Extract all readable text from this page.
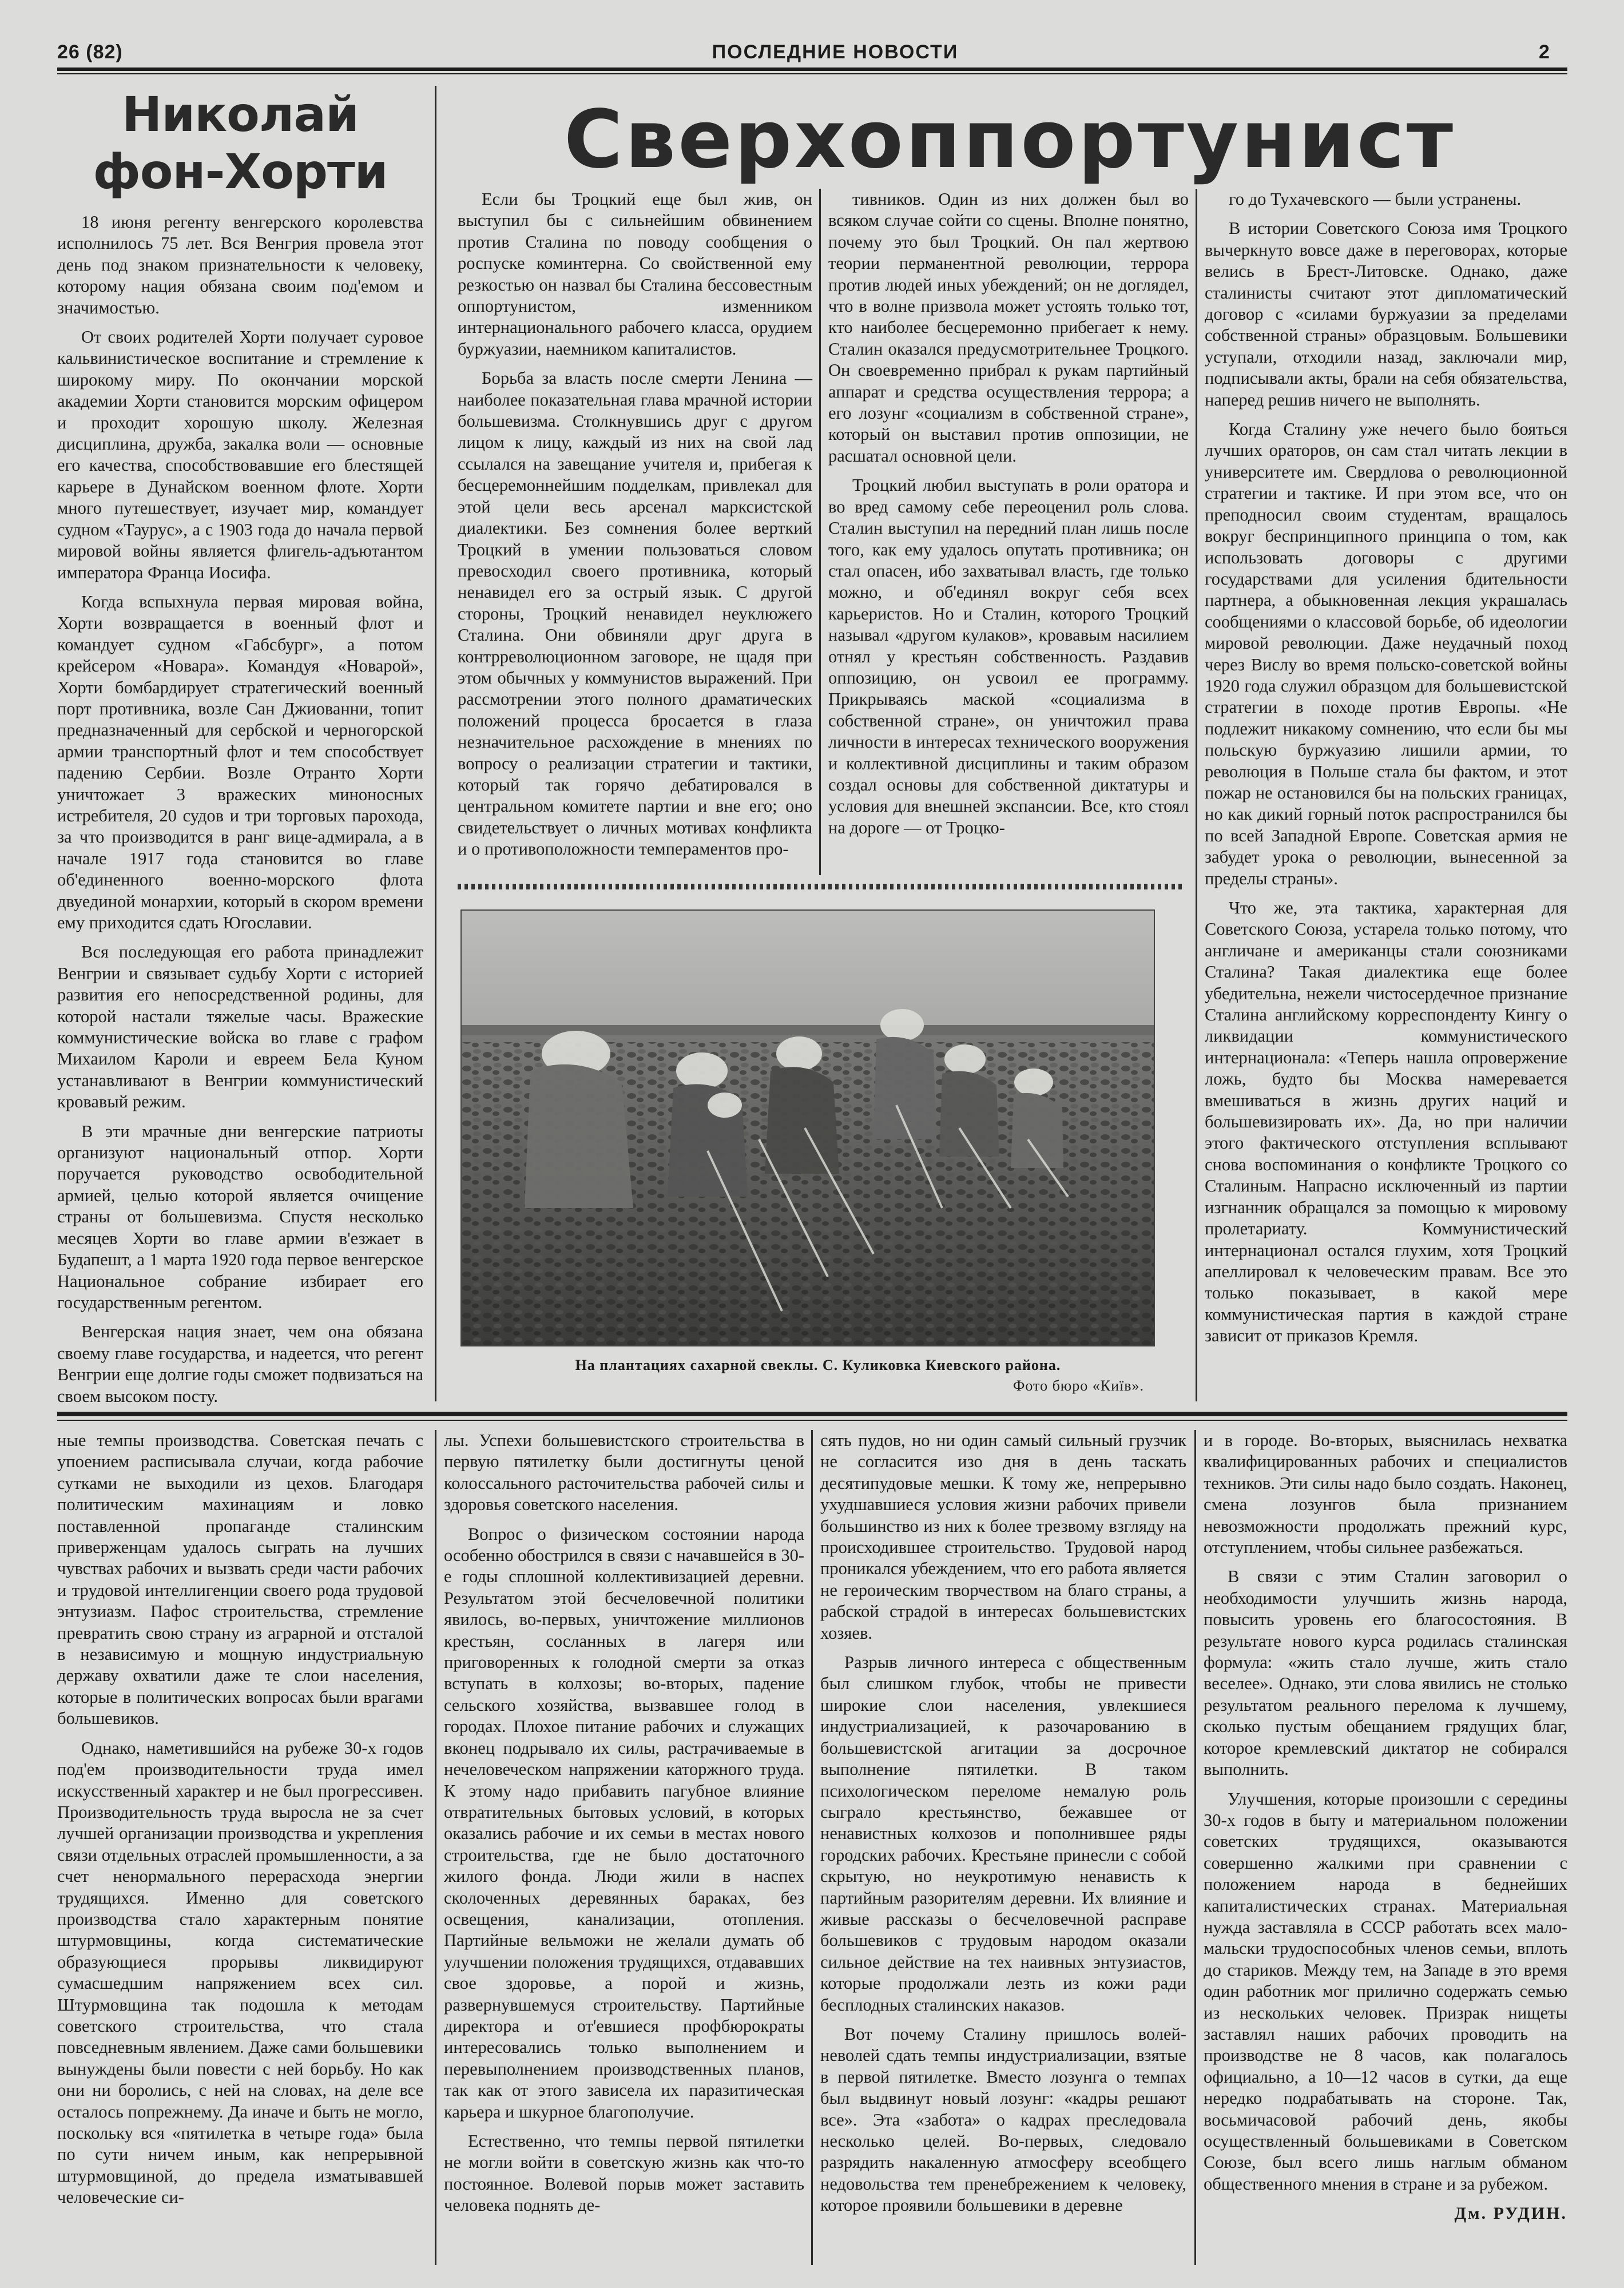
26 (82)	ПОСЛЕДНИЕ НОВОСТИ	2
Николай фон-Хорти

18 июня регенту венгерского королевства исполнилось 75 лет. Вся Венгрия провела этот день под знаком признательности к человеку, которому нация обязана своим под'емом и значимостью.

От своих родителей Хорти получает суровое кальвинистическое воспитание и стремление к широкому миру. По окончании морской академии Хорти становится морским офицером и проходит хорошую школу. Железная дисциплина, дружба, закалка воли — основные его качества, способствовавшие его блестящей карьере в Дунайском военном флоте. Хорти много путешествует, изучает мир, командует судном «Таурус», а с 1903 года до начала первой мировой войны является флигель-адъютантом императора Франца Иосифа.

Когда вспыхнула первая мировая война, Хорти возвращается в военный флот и командует судном «Габсбург», а потом крейсером «Новара». Командуя «Новарой», Хорти бомбардирует стратегический военный порт противника, возле Сан Джиованни, топит предназначенный для сербской и черногорской армии транспортный флот и тем способствует падению Сербии. Возле Отранто Хорти уничтожает 3 вражеских миноносных истребителя, 20 судов и три торговых парохода, за что производится в ранг вице-адмирала, а в начале 1917 года становится во главе об'единенного военно-морского флота двуединой монархии, который в скором времени ему приходится сдать Югославии.

Вся последующая его работа принадлежит Венгрии и связывает судьбу Хорти с историей развития его непосредственной родины, для которой настали тяжелые часы. Вражеские коммунистические войска во главе с графом Михаилом Кароли и евреем Бела Куном устанавливают в Венгрии коммунистический кровавый режим.

В эти мрачные дни венгерские патриоты организуют национальный отпор. Хорти поручается руководство освободительной армией, целью которой является очищение страны от большевизма. Спустя несколько месяцев Хорти во главе армии в'езжает в Будапешт, а 1 марта 1920 года первое венгерское Национальное собрание избирает его государственным регентом.

Венгерская нация знает, чем она обязана своему главе государства, и надеется, что регент Венгрии еще долгие годы сможет подвизаться на своем высоком посту.

Сверхоппортунист

Если бы Троцкий еще был жив, он выступил бы с сильнейшим обвинением против Сталина по поводу сообщения о роспуске коминтерна. Со свойственной ему резкостью он назвал бы Сталина бессовестным оппортунистом, изменником интернационального рабочего класса, орудием буржуазии, наемником капиталистов.

Борьба за власть после смерти Ленина — наиболее показательная глава мрачной истории большевизма. Столкнувшись друг с другом лицом к лицу, каждый из них на свой лад ссылался на завещание учителя и, прибегая к бесцеремоннейшим подделкам, привлекал для этой цели весь арсенал марксистской диалектики. Без сомнения более верткий Троцкий в умении пользоваться словом превосходил своего противника, который ненавидел его за острый язык. С другой стороны, Троцкий ненавидел неуклюжего Сталина. Они обвиняли друг друга в контрреволюционном заговоре, не щадя при этом обычных у коммунистов выражений. При рассмотрении этого полного драматических положений процесса бросается в глаза незначительное расхождение в мнениях по вопросу о реализации стратегии и тактики, который так горячо дебатировался в центральном комитете партии и вне его; оно свидетельствует о личных мотивах конфликта и о противоположности темпераментов про-

тивников. Один из них должен был во всяком случае сойти со сцены. Вполне понятно, почему это был Троцкий. Он пал жертвою теории перманентной революции, террора против людей иных убеждений; он не доглядел, что в волне призвола может устоять только тот, кто наиболее бесцеремонно прибегает к нему. Сталин оказался предусмотрительнее Троцкого. Он своевременно прибрал к рукам партийный аппарат и средства осуществления террора; а его лозунг «социализм в собственной стране», который он выставил против оппозиции, не расшатал основной цели.

Троцкий любил выступать в роли оратора и во вред самому себе переоценил роль слова. Сталин выступил на передний план лишь после того, как ему удалось опутать противника; он стал опасен, ибо захватывал власть, где только можно, и об'единял вокруг себя всех карьеристов. Но и Сталин, которого Троцкий называл «другом кулаков», кровавым насилием отнял у крестьян собственность. Раздавив оппозицию, он усвоил ее программу. Прикрываясь маской «социализма в собственной стране», он уничтожил права личности в интересах технического вооружения и коллективной дисциплины и таким образом создал основы для собственной диктатуры и условия для внешней экспансии. Все, кто стоял на дороге — от Троцко-

го до Тухачевского — были устранены.

В истории Советского Союза имя Троцкого вычеркнуто вовсе даже в переговорах, которые велись в Брест-Литовске. Однако, даже сталинисты считают этот дипломатический договор с «силами буржуазии за пределами собственной страны» образцовым. Большевики уступали, отходили назад, заключали мир, подписывали акты, брали на себя обязательства, наперед решив ничего не выполнять.

Когда Сталину уже нечего было бояться лучших ораторов, он сам стал читать лекции в университете им. Свердлова о революционной стратегии и тактике. И при этом все, что он преподносил своим студентам, вращалось вокруг беспринципного принципа о том, как использовать договоры с другими государствами для усиления бдительности партнера, а обыкновенная лекция украшалась сообщениями о классовой борьбе, об идеологии мировой революции. Даже неудачный поход через Вислу во время польско-советской войны 1920 года служил образцом для большевистской стратегии в походе против Европы. «Не подлежит никакому сомнению, что если бы мы польскую буржуазию лишили армии, то революция в Польше стала бы фактом, и этот пожар не остановился бы на польских границах, но как дикий горный поток распространился бы по всей Западной Европе. Советская армия не забудет урока о революции, вынесенной за пределы страны».

Что же, эта тактика, характерная для Советского Союза, устарела только потому, что англичане и американцы стали союзниками Сталина? Такая диалектика еще более убедительна, нежели чистосердечное признание Сталина английскому корреспонденту Кингу о ликвидации коммунистического интернационала: «Теперь нашла опровержение ложь, будто бы Москва намеревается вмешиваться в жизнь других наций и большевизировать их». Да, но при наличии этого фактического отступления всплывают снова воспоминания о конфликте Троцкого со Сталиным. Напрасно исключенный из партии изгнанник обращался за помощью к мировому пролетариату. Коммунистический интернационал остался глухим, хотя Троцкий апеллировал к человеческим правам. Все это только показывает, в какой мере коммунистическая партия в каждой стране зависит от приказов Кремля.

На плантациях сахарной свеклы. С. Куликовка Киевского района.
Фото бюро «Київ».

ные темпы производства. Советская печать с упоением расписывала случаи, когда рабочие сутками не выходили из цехов. Благодаря политическим махинациям и ловко поставленной пропаганде сталинским приверженцам удалось сыграть на лучших чувствах рабочих и вызвать среди части рабочих и трудовой интеллигенции своего рода трудовой энтузиазм. Пафос строительства, стремление превратить свою страну из аграрной и отсталой в независимую и мощную индустриальную державу охватили даже те слои населения, которые в политических вопросах были врагами большевиков.

Однако, наметившийся на рубеже 30-х годов под'ем производительности труда имел искусственный характер и не был прогрессивен. Производительность труда выросла не за счет лучшей организации производства и укрепления связи отдельных отраслей промышленности, а за счет ненормального перерасхода энергии трудящихся. Именно для советского производства стало характерным понятие штурмовщины, когда систематические образующиеся прорывы ликвидируют сумасшедшим напряжением всех сил. Штурмовщина так подошла к методам советского строительства, что стала повседневным явлением. Даже сами большевики вынуждены были повести с ней борьбу. Но как они ни боролись, с ней на словах, на деле все осталось попрежнему. Да иначе и быть не могло, поскольку вся «пятилетка в четыре года» была по сути ничем иным, как непрерывной штурмовщиной, до предела изматывавшей человеческие си-

лы. Успехи большевистского строительства в первую пятилетку были достигнуты ценой колоссального расточительства рабочей силы и здоровья советского населения.

Вопрос о физическом состоянии народа особенно обострился в связи с начавшейся в 30-е годы сплошной коллективизацией деревни. Результатом этой бесчеловечной политики явилось, во-первых, уничтожение миллионов крестьян, сосланных в лагеря или приговоренных к голодной смерти за отказ вступать в колхозы; во-вторых, падение сельского хозяйства, вызвавшее голод в городах. Плохое питание рабочих и служащих вконец подрывало их силы, растрачиваемые в нечеловеческом напряжении каторжного труда. К этому надо прибавить пагубное влияние отвратительных бытовых условий, в которых оказались рабочие и их семьи в местах нового строительства, где не было достаточного жилого фонда. Люди жили в наспех сколоченных деревянных бараках, без освещения, канализации, отопления. Партийные вельможи не желали думать об улучшении положения трудящихся, отдававших свое здоровье, а порой и жизнь, развернувшемуся строительству. Партийные директора и от'евшиеся профбюрократы интересовались только выполнением и перевыполнением производственных планов, так как от этого зависела их паразитическая карьера и шкурное благополучие.

Естественно, что темпы первой пятилетки не могли войти в советскую жизнь как что-то постоянное. Волевой порыв может заставить человека поднять де-

сять пудов, но ни один самый сильный грузчик не согласится изо дня в день таскать десятипудовые мешки. К тому же, непрерывно ухудшавшиеся условия жизни рабочих привели большинство из них к более трезвому взгляду на происходившее строительство. Трудовой народ проникался убеждением, что его работа является не героическим творчеством на благо страны, а рабской страдой в интересах большевистских хозяев.

Разрыв личного интереса с общественным был слишком глубок, чтобы не привести широкие слои населения, увлекшиеся индустриализацией, к разочарованию в большевистской агитации за досрочное выполнение пятилетки. В таком психологическом переломе немалую роль сыграло крестьянство, бежавшее от ненавистных колхозов и пополнившее ряды городских рабочих. Крестьяне принесли с собой скрытую, но неукротимую ненависть к партийным разорителям деревни. Их влияние и живые рассказы о бесчеловечной расправе большевиков с трудовым народом оказали сильное действие на тех наивных энтузиастов, которые продолжали лезть из кожи ради бесплодных сталинских наказов.

Вот почему Сталину пришлось волей-неволей сдать темпы индустриализации, взятые в первой пятилетке. Вместо лозунга о темпах был выдвинут новый лозунг: «кадры решают все». Эта «забота» о кадрах преследовала несколько целей. Во-первых, следовало разрядить накаленную атмосферу всеобщего недовольства тем пренебрежением к человеку, которое проявили большевики в деревне

и в городе. Во-вторых, выяснилась нехватка квалифицированных рабочих и специалистов техников. Эти силы надо было создать. Наконец, смена лозунгов была признанием невозможности продолжать прежний курс, отступлением, чтобы сильнее разбежаться.

В связи с этим Сталин заговорил о необходимости улучшить жизнь народа, повысить уровень его благосостояния. В результате нового курса родилась сталинская формула: «жить стало лучше, жить стало веселее». Однако, эти слова явились не столько результатом реального перелома к лучшему, сколько пустым обещанием грядущих благ, которое кремлевский диктатор не собирался выполнить.

Улучшения, которые произошли с середины 30-х годов в быту и материальном положении советских трудящихся, оказываются совершенно жалкими при сравнении с положением народа в беднейших капиталистических странах. Материальная нужда заставляла в СССР работать всех мало-мальски трудоспособных членов семьи, вплоть до стариков. Между тем, на Западе в это время один работник мог прилично содержать семью из нескольких человек. Призрак нищеты заставлял наших рабочих проводить на производстве не 8 часов, как полагалось официально, а 10—12 часов в сутки, да еще нередко подрабатывать на стороне. Так, восьмичасовой рабочий день, якобы осуществленный большевиками в Советском Союзе, был всего лишь наглым обманом общественного мнения в стране и за рубежом.

Дм. РУДИН.
